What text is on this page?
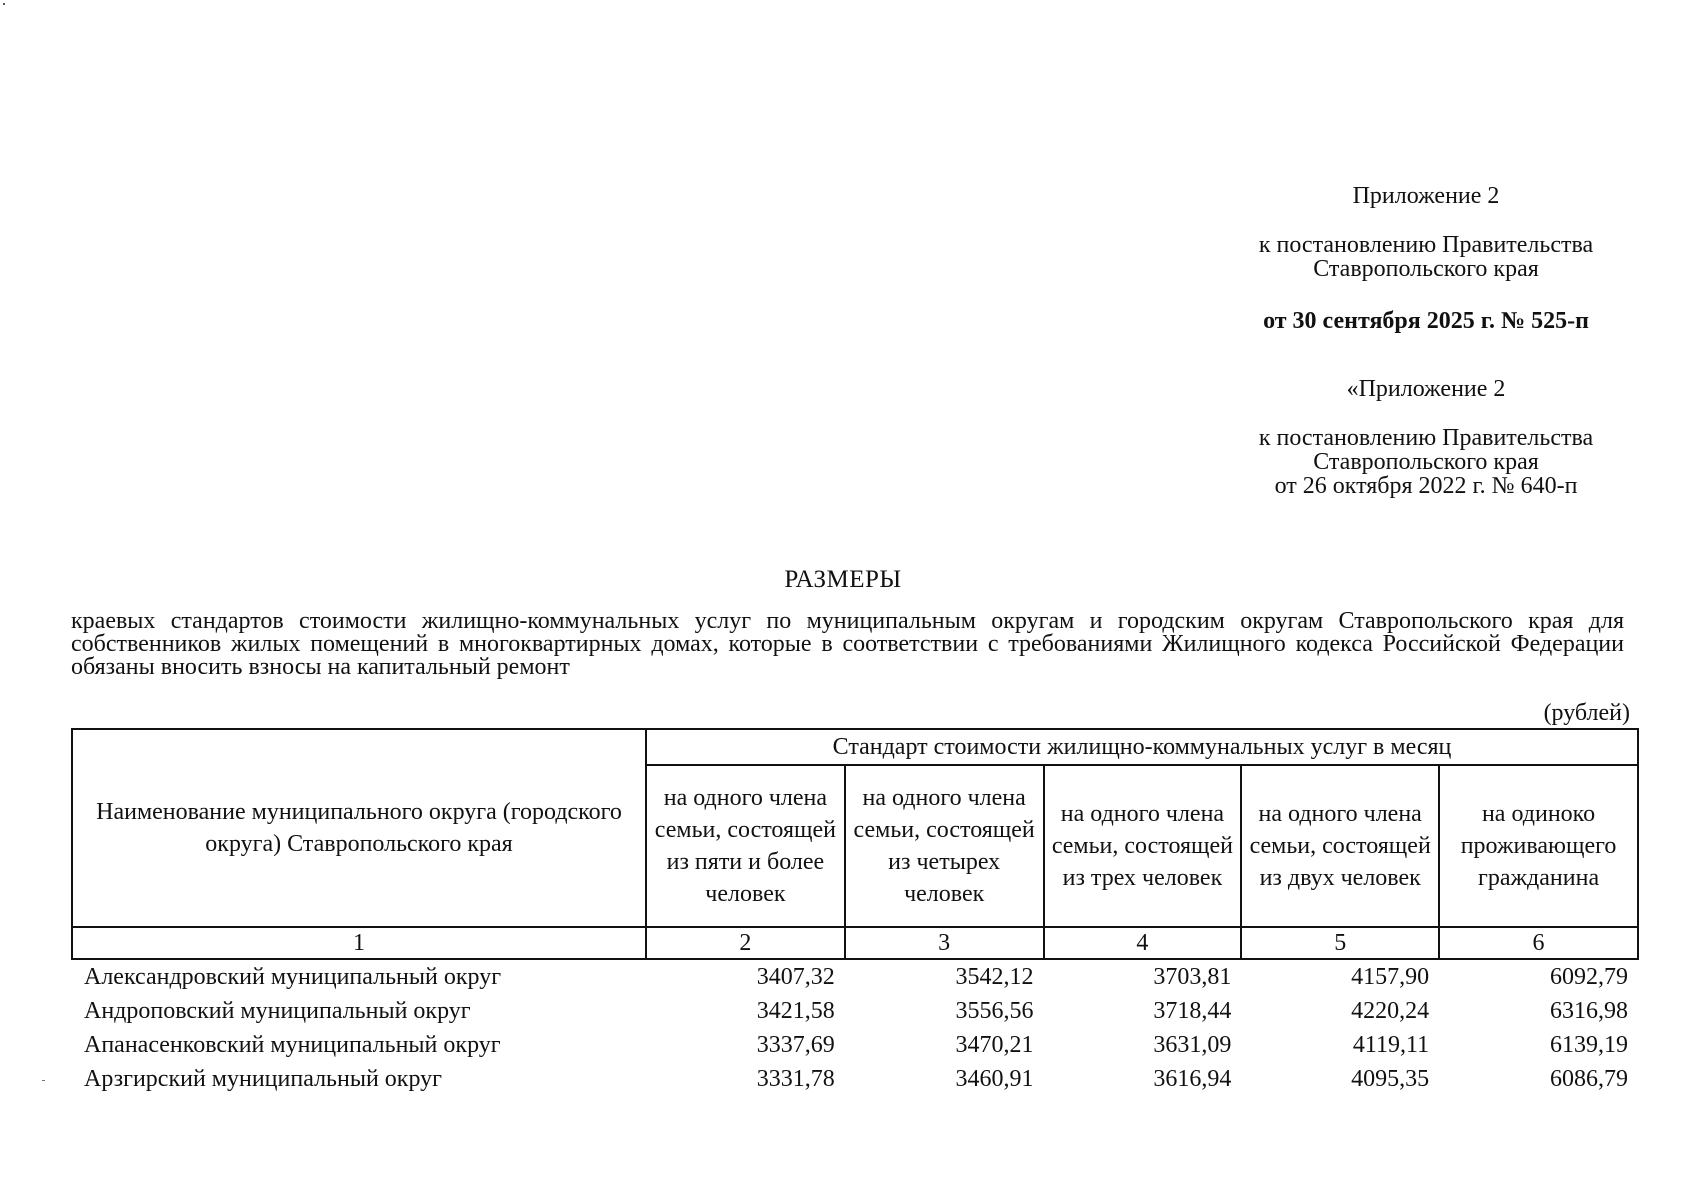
Приложение 2
к постановлению Правительства
Ставропольского края
от 30 сентября 2025 г. № 525-п
«Приложение 2
к постановлению Правительства
Ставропольского края
от 26 октября 2022 г. № 640-п
РАЗМЕРЫ
краевых стандартов стоимости жилищно-коммунальных услуг по муниципальным округам и городским округам Ставропольского края для собственников жилых помещений в многоквартирных домах, которые в соответствии с требованиями Жилищного кодекса Российской Федерации обязаны вносить взносы на капитальный ремонт
(рублей)
Наименование муниципального округа (городского округа) Ставропольского края	Стандарт стоимости жилищно-коммунальных услуг в месяц				
	на одного члена семьи, состоящей из пяти и более человек	на одного члена семьи, состоящей из четырех человек	на одного члена семьи, состоящей из трех человек	на одного члена семьи, состоящей из двух человек	на одиноко проживающего гражданина
1	2	3	4	5	6
Александровский муниципальный округ	3407,32	3542,12	3703,81	4157,90	6092,79
Андроповский муниципальный округ	3421,58	3556,56	3718,44	4220,24	6316,98
Апанасенковский муниципальный округ	3337,69	3470,21	3631,09	4119,11	6139,19
Арзгирский муниципальный округ	3331,78	3460,91	3616,94	4095,35	6086,79
